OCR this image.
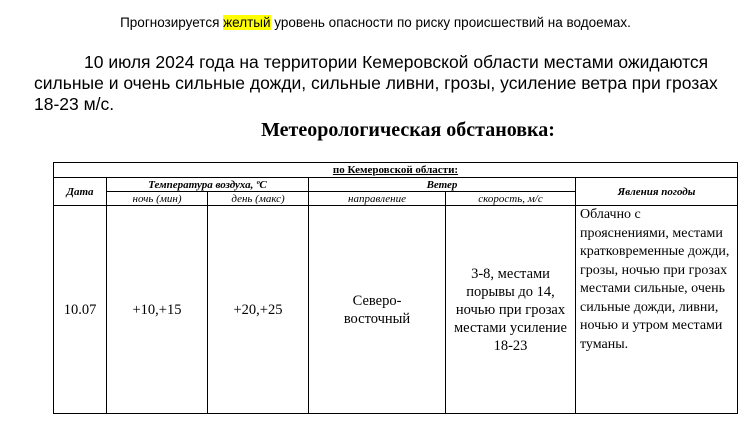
Прогнозируется желтый уровень опасности по риску происшествий на водоемах.
10 июля 2024 года на территории Кемеровской области местами ожидаются сильные и очень сильные дожди, сильные ливни, грозы, усиление ветра при грозах 18-23 м/с.
Метеорологическая обстановка:
по Кемеровской области:					
Дата	Температура воздуха, ºС		Ветер		Явления погоды
	ночь (мин)	день (макс)	направление	скорость, м/с	
10.07	+10,+15	+20,+25	Северо-восточный	3-8, местами порывы до 14, ночью при грозах местами усиление 18-23	Облачно с прояснениями, местами кратковременные дожди, грозы, ночью при грозах местами сильные, очень сильные дожди, ливни, ночью и утром местами туманы.
